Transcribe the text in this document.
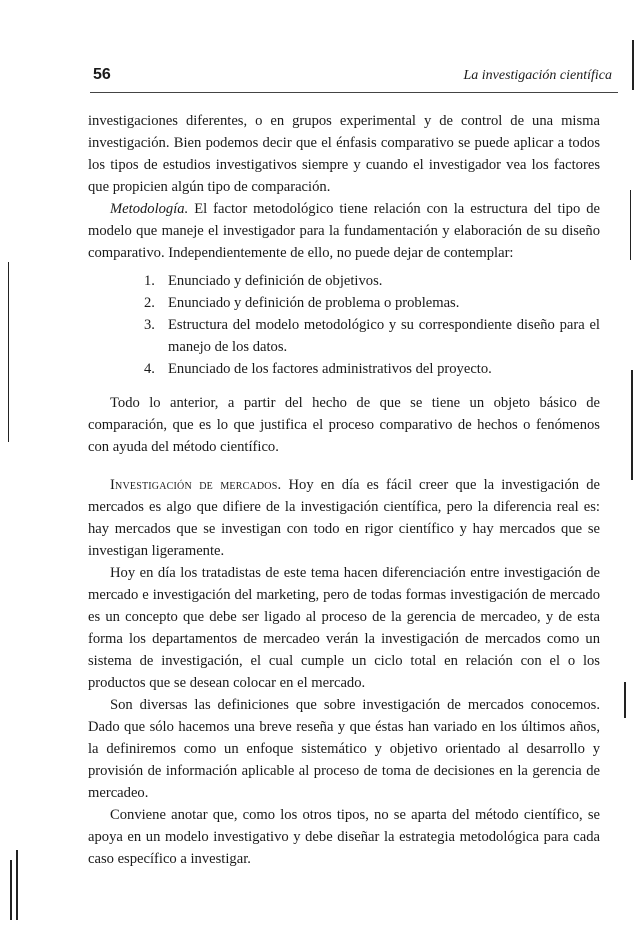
56	La investigación científica

investigaciones diferentes, o en grupos experimental y de control de una misma investigación. Bien podemos decir que el énfasis comparativo se puede aplicar a todos los tipos de estudios investigativos siempre y cuando el investigador vea los factores que propicien algún tipo de comparación.

Metodología. El factor metodológico tiene relación con la estructura del tipo de modelo que maneje el investigador para la fundamentación y elaboración de su diseño comparativo. Independientemente de ello, no puede dejar de contemplar:

1. Enunciado y definición de objetivos.
2. Enunciado y definición de problema o problemas.
3. Estructura del modelo metodológico y su correspondiente diseño para el manejo de los datos.
4. Enunciado de los factores administrativos del proyecto.

Todo lo anterior, a partir del hecho de que se tiene un objeto básico de comparación, que es lo que justifica el proceso comparativo de hechos o fenómenos con ayuda del método científico.

Investigación de mercados. Hoy en día es fácil creer que la investigación de mercados es algo que difiere de la investigación científica, pero la diferencia real es: hay mercados que se investigan con todo en rigor científico y hay mercados que se investigan ligeramente.

Hoy en día los tratadistas de este tema hacen diferenciación entre investigación de mercado e investigación del marketing, pero de todas formas investigación de mercado es un concepto que debe ser ligado al proceso de la gerencia de mercadeo, y de esta forma los departamentos de mercadeo verán la investigación de mercados como un sistema de investigación, el cual cumple un ciclo total en relación con el o los productos que se desean colocar en el mercado.

Son diversas las definiciones que sobre investigación de mercados conocemos. Dado que sólo hacemos una breve reseña y que éstas han variado en los últimos años, la definiremos como un enfoque sistemático y objetivo orientado al desarrollo y provisión de información aplicable al proceso de toma de decisiones en la gerencia de mercadeo.

Conviene anotar que, como los otros tipos, no se aparta del método científico, se apoya en un modelo investigativo y debe diseñar la estrategia metodológica para cada caso específico a investigar.
